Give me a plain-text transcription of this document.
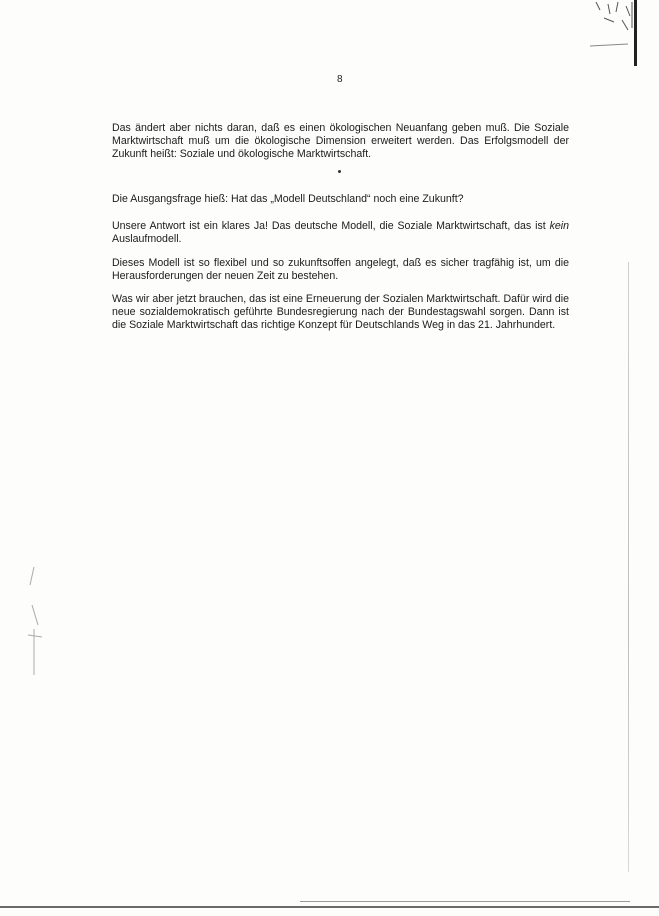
8

Das ändert aber nichts daran, daß es einen ökologischen Neuanfang geben muß. Die Soziale Marktwirtschaft muß um die ökologische Dimension erweitert werden. Das Erfolgsmodell der Zukunft heißt: Soziale und ökologische Marktwirtschaft.

Die Ausgangsfrage hieß: Hat das „Modell Deutschland“ noch eine Zukunft?

Unsere Antwort ist ein klares Ja! Das deutsche Modell, die Soziale Marktwirtschaft, das ist kein Auslaufmodell.

Dieses Modell ist so flexibel und so zukunftsoffen angelegt, daß es sicher tragfähig ist, um die Herausforderungen der neuen Zeit zu bestehen.

Was wir aber jetzt brauchen, das ist eine Erneuerung der Sozialen Marktwirtschaft. Dafür wird die neue sozialdemokratisch geführte Bundesregierung nach der Bundestagswahl sorgen. Dann ist die Soziale Marktwirtschaft das richtige Konzept für Deutschlands Weg in das 21. Jahrhundert.
